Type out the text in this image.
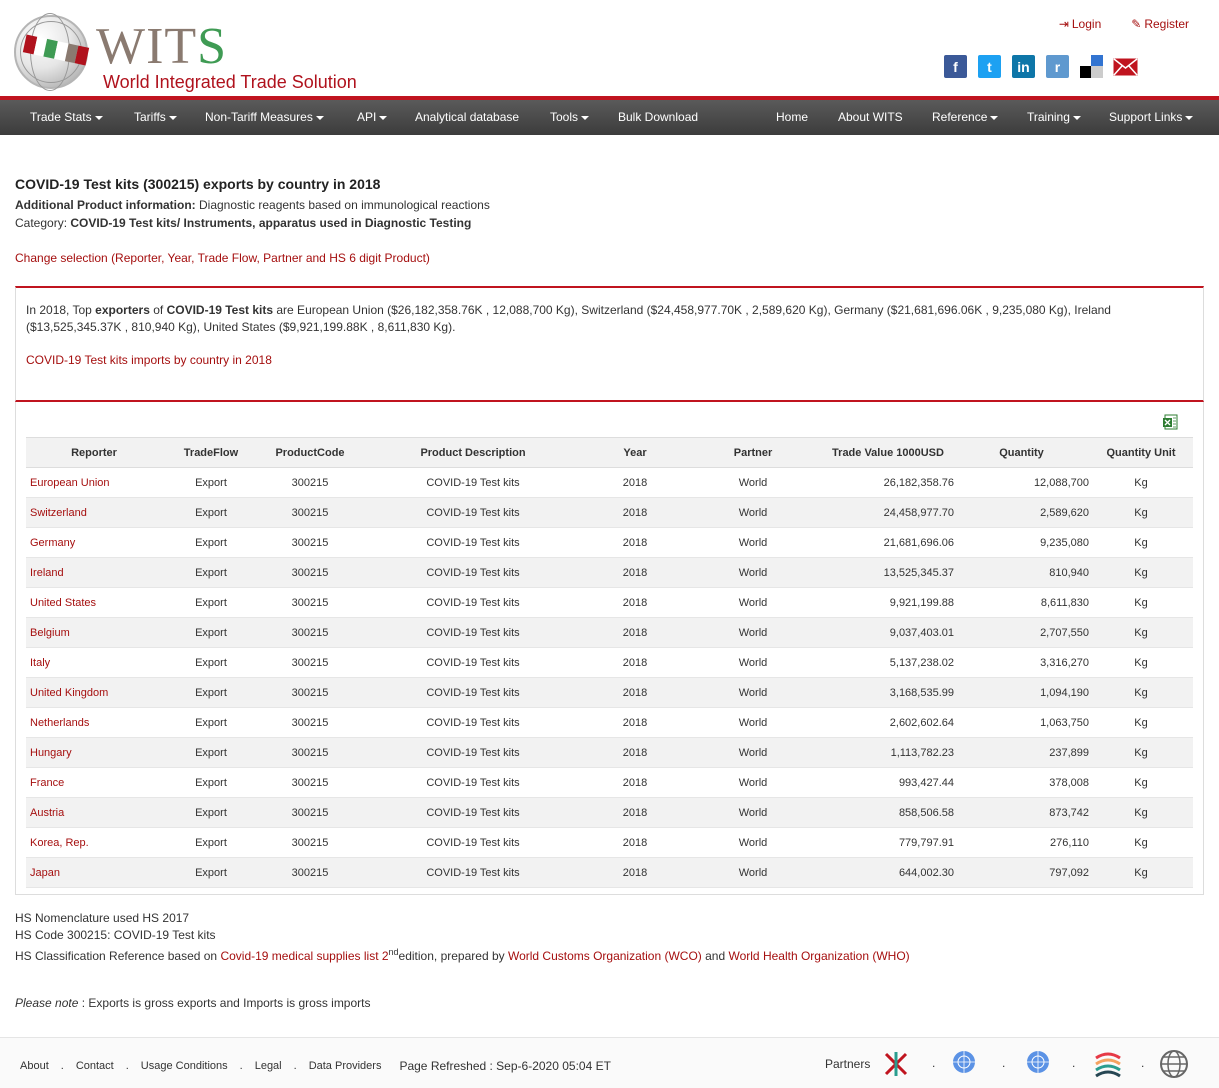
WITS
World Integrated Trade Solution
⇥ Login	✎ Register
f	t	in	r
Trade Stats	Tariffs	Non-Tariff Measures	API	Analytical database	Tools	Bulk Download	Home About WITS Reference	Training	Support Links
COVID-19 Test kits (300215) exports by country in 2018
Additional Product information: Diagnostic reagents based on immunological reactions
Category: COVID-19 Test kits/ Instruments, apparatus used in Diagnostic Testing
Change selection (Reporter, Year, Trade Flow, Partner and HS 6 digit Product)
In 2018, Top exporters of COVID-19 Test kits are European Union ($26,182,358.76K , 12,088,700 Kg), Switzerland ($24,458,977.70K , 2,589,620 Kg), Germany ($21,681,696.06K , 9,235,080 Kg), Ireland ($13,525,345.37K , 810,940 Kg), United States ($9,921,199.88K , 8,611,830 Kg).
COVID-19 Test kits imports by country in 2018
Reporter	TradeFlow	ProductCode	Product Description	Year	Partner	Trade Value 1000USD	Quantity	Quantity Unit
European Union	Export	300215	COVID-19 Test kits	2018	World	26,182,358.76	12,088,700	Kg
Switzerland	Export	300215	COVID-19 Test kits	2018	World	24,458,977.70	2,589,620	Kg
Germany	Export	300215	COVID-19 Test kits	2018	World	21,681,696.06	9,235,080	Kg
Ireland	Export	300215	COVID-19 Test kits	2018	World	13,525,345.37	810,940	Kg
United States	Export	300215	COVID-19 Test kits	2018	World	9,921,199.88	8,611,830	Kg
Belgium	Export	300215	COVID-19 Test kits	2018	World	9,037,403.01	2,707,550	Kg
Italy	Export	300215	COVID-19 Test kits	2018	World	5,137,238.02	3,316,270	Kg
United Kingdom	Export	300215	COVID-19 Test kits	2018	World	3,168,535.99	1,094,190	Kg
Netherlands	Export	300215	COVID-19 Test kits	2018	World	2,602,602.64	1,063,750	Kg
Hungary	Export	300215	COVID-19 Test kits	2018	World	1,113,782.23	237,899	Kg
France	Export	300215	COVID-19 Test kits	2018	World	993,427.44	378,008	Kg
Austria	Export	300215	COVID-19 Test kits	2018	World	858,506.58	873,742	Kg
Korea, Rep.	Export	300215	COVID-19 Test kits	2018	World	779,797.91	276,110	Kg
Japan	Export	300215	COVID-19 Test kits	2018	World	644,002.30	797,092	Kg
HS Nomenclature used HS 2017
HS Code 300215: COVID-19 Test kits
HS Classification Reference based on Covid-19 medical supplies list 2ndedition, prepared by World Customs Organization (WCO) and World Health Organization (WHO)
Please note : Exports is gross exports and Imports is gross imports
About . Contact . Usage Conditions . Legal . Data Providers Page Refreshed : Sep-6-2020 05:04 ET	Partners	.	.	.	.
